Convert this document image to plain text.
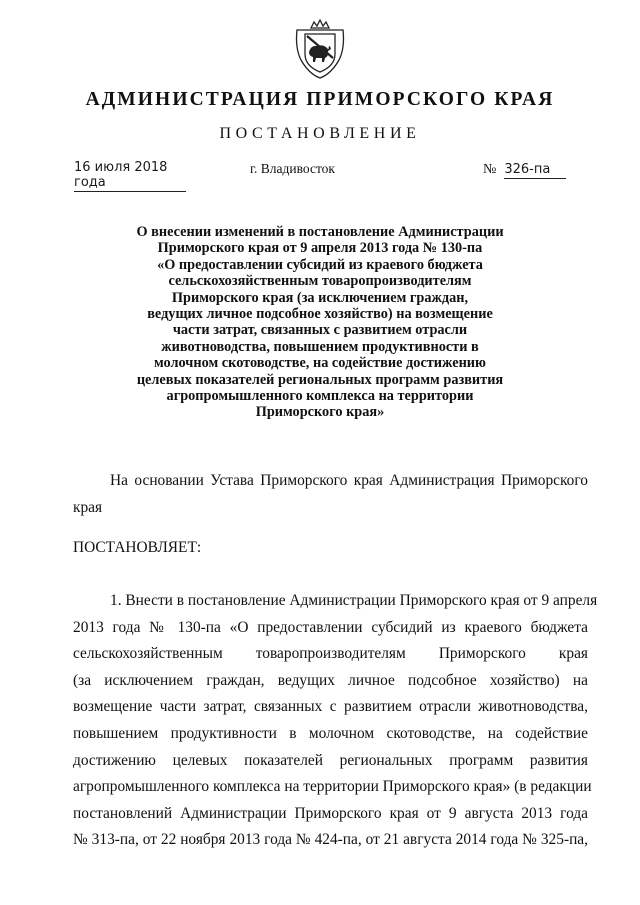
АДМИНИСТРАЦИЯ ПРИМОРСКОГО КРАЯ
ПОСТАНОВЛЕНИЕ
16 июля 2018 года
г. Владивосток	№ 326-па
О внесении изменений в постановление Администрации
Приморского края от 9 апреля 2013 года № 130-па
«О предоставлении субсидий из краевого бюджета
сельскохозяйственным товаропроизводителям
Приморского края (за исключением граждан,
ведущих личное подсобное хозяйство) на возмещение
части затрат, связанных с развитием отрасли
животноводства, повышением продуктивности в
молочном скотоводстве, на содействие достижению
целевых показателей региональных программ развития
агропромышленного комплекса на территории
Приморского края»
На основании Устава Приморского края Администрация Приморского
края
ПОСТАНОВЛЯЕТ:
1. Внести в постановление Администрации Приморского края от 9 апреля
2013 года № 130-па «О предоставлении субсидий из краевого бюджета
сельскохозяйственным товаропроизводителям Приморского края
(за исключением граждан, ведущих личное подсобное хозяйство) на
возмещение части затрат, связанных с развитием отрасли животноводства,
повышением продуктивности в молочном скотоводстве, на содействие
достижению целевых показателей региональных программ развития
агропромышленного комплекса на территории Приморского края» (в редакции
постановлений Администрации Приморского края от 9 августа 2013 года
№ 313-па, от 22 ноября 2013 года № 424-па, от 21 августа 2014 года № 325-па,
